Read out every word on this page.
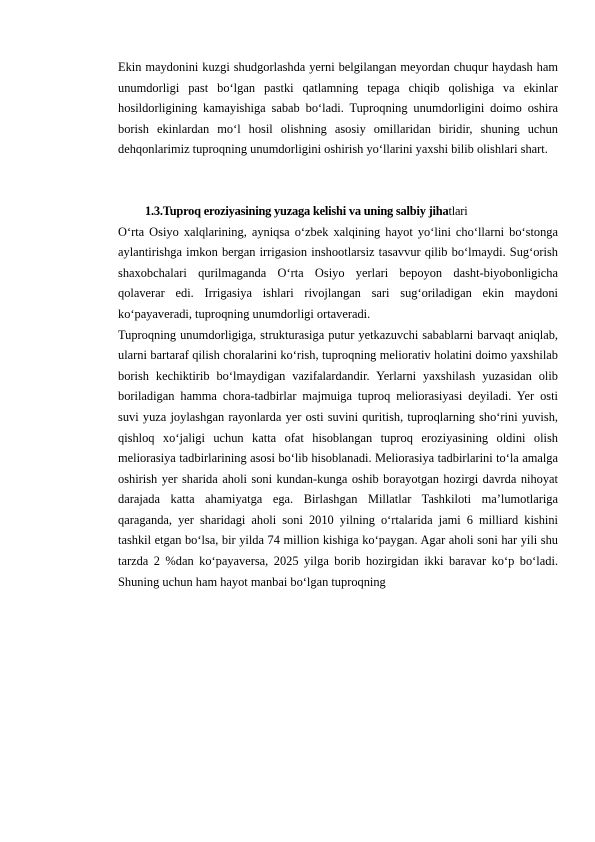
Ekin maydonini kuzgi shudgorlashda yerni belgilangan meyordan chuqur haydash ham unumdorligi past bo‘lgan pastki qatlamning tepaga chiqib qolishiga va ekinlar hosildorligining kamayishiga sabab bo‘ladi. Tuproqning unumdorligini doimo oshira borish ekinlardan mo‘l hosil olishning asosiy omillaridan biridir, shuning uchun dehqonlarimiz tuproqning unumdorligini oshirish yo‘llarini yaxshi bilib olishlari shart.

1.3.Tuproq eroziyasining yuzaga kelishi va uning salbiy jihatlari

O‘rta Osiyo xalqlarining, ayniqsa o‘zbek xalqining hayot yo‘lini cho‘llarni bo‘stonga aylantirishga imkon bergan irrigasion inshootlarsiz tasavvur qilib bo‘lmaydi. Sug‘orish shaxobchalari qurilmaganda O‘rta Osiyo yerlari bepoyon dasht-biyobonligicha qolaverar edi. Irrigasiya ishlari rivojlangan sari sug‘oriladigan ekin maydoni ko‘payaveradi, tuproqning unumdorligi ortaveradi.

Tuproqning unumdorligiga, strukturasiga putur yetkazuvchi sabablarni barvaqt aniqlab, ularni bartaraf qilish choralarini ko‘rish, tuproqning meliorativ holatini doimo yaxshilab borish kechiktirib bo‘lmaydigan vazifalardandir. Yerlarni yaxshilash yuzasidan olib boriladigan hamma chora-tadbirlar majmuiga tuproq meliorasiyasi deyiladi. Yer osti suvi yuza joylashgan rayonlarda yer osti suvini quritish, tuproqlarning sho‘rini yuvish, qishloq xo‘jaligi uchun katta ofat hisoblangan tuproq eroziyasining oldini olish meliorasiya tadbirlarining asosi bo‘lib hisoblanadi. Meliorasiya tadbirlarini to‘la amalga oshirish yer sharida aholi soni kundan-kunga oshib borayotgan hozirgi davrda nihoyat darajada katta ahamiyatga ega. Birlashgan Millatlar Tashkiloti ma’lumotlariga qaraganda, yer sharidagi aholi soni 2010 yilning o‘rtalarida jami 6 milliard kishini tashkil etgan bo‘lsa, bir yilda 74 million kishiga ko‘paygan. Agar aholi soni har yili shu tarzda 2 %dan ko‘payaversa, 2025 yilga borib hozirgidan ikki baravar ko‘p bo‘ladi. Shuning uchun ham hayot manbai bo‘lgan tuproqning
